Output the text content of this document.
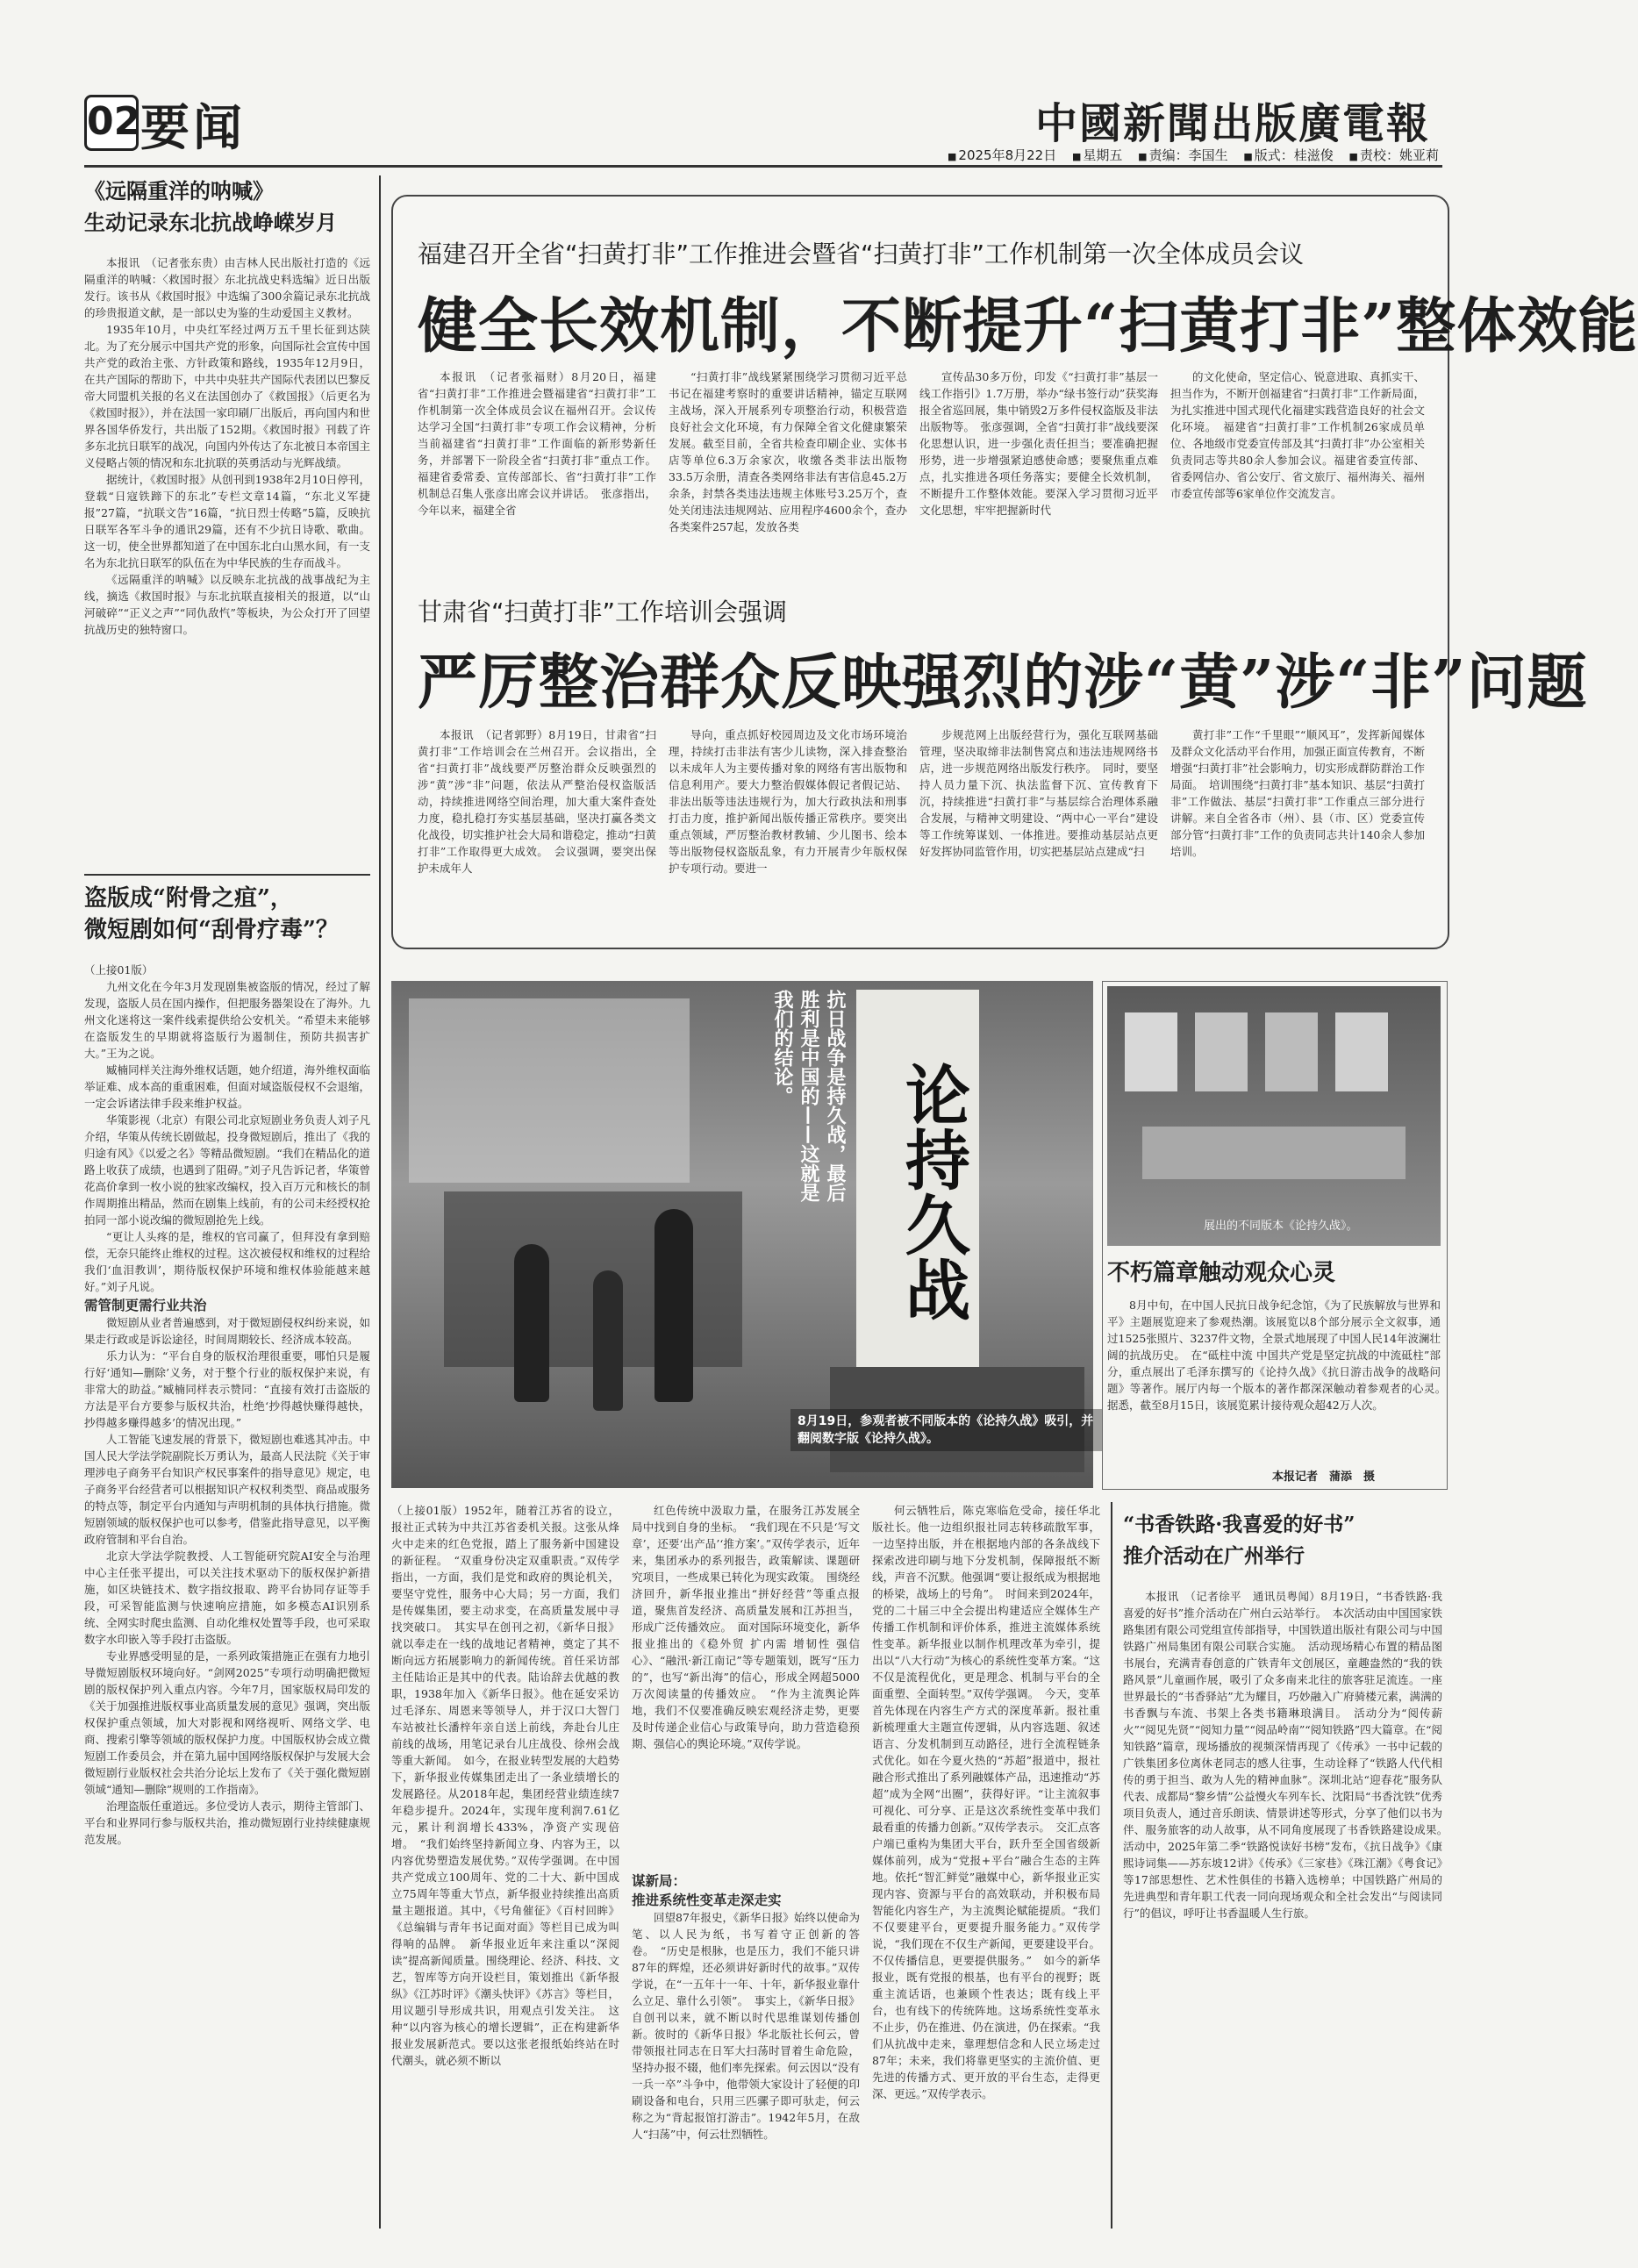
02 要闻	中國新聞出版廣電報
■ 2025年8月22日	■ 星期五	■ 责编：李国生	■ 版式：桂滋俊	■ 责校：姚亚莉
《远隔重洋的呐喊》
生动记录东北抗战峥嵘岁月

本报讯　（记者张东贵）由吉林人民出版社打造的《远隔重洋的呐喊：〈救国时报〉东北抗战史料选编》近日出版发行。该书从《救国时报》中选编了300余篇记录东北抗战的珍贵报道文献，是一部以史为鉴的生动爱国主义教材。

1935年10月，中央红军经过两万五千里长征到达陕北。为了充分展示中国共产党的形象，向国际社会宣传中国共产党的政治主张、方针政策和路线，1935年12月9日，在共产国际的帮助下，中共中央驻共产国际代表团以巴黎反帝大同盟机关报的名义在法国创办了《救国报》（后更名为《救国时报》），并在法国一家印刷厂出版后，再向国内和世界各国华侨发行，共出版了152期。《救国时报》刊载了许多东北抗日联军的战况，向国内外传达了东北被日本帝国主义侵略占领的情况和东北抗联的英勇活动与光辉战绩。

据统计，《救国时报》从创刊到1938年2月10日停刊，登载“日寇铁蹄下的东北”专栏文章14篇，“东北义军捷报”27篇，“抗联文告”16篇，“抗日烈士传略”5篇，反映抗日联军各军斗争的通讯29篇，还有不少抗日诗歌、歌曲。这一切，使全世界都知道了在中国东北白山黑水间，有一支名为东北抗日联军的队伍在为中华民族的生存而战斗。

《远隔重洋的呐喊》以反映东北抗战的战事战纪为主线，摘选《救国时报》与东北抗联直接相关的报道，以“山河破碎”“正义之声”“同仇敌忾”等板块，为公众打开了回望抗战历史的独特窗口。

盗版成“附骨之疽”，
微短剧如何“刮骨疗毒”？

（上接01版）

九州文化在今年3月发现剧集被盗版的情况，经过了解发现，盗版人员在国内操作，但把服务器架设在了海外。九州文化迷将这一案件线索提供给公安机关。“希望未来能够在盗版发生的早期就将盗版行为遏制住，预防共损害扩大。”王为之说。

臧楠同样关注海外维权话题，她介绍道，海外维权面临举证难、成本高的重重困难，但面对域盗版侵权不会退缩，一定会诉诸法律手段来维护权益。

华策影视（北京）有限公司北京短剧业务负责人刘子凡介绍，华策从传统长剧做起，投身微短剧后，推出了《我的归途有风》《以爱之名》等精品微短剧。“我们在精品化的道路上收获了成绩，也遇到了阻碍。”刘子凡告诉记者，华策曾花高价拿到一枚小说的独家改编权，投入百万元和核长的制作周期推出精品，然而在剧集上线前，有的公司未经授权抢拍同一部小说改编的微短剧抢先上线。

“更让人头疼的是，维权的官司赢了，但拜没有拿到赔偿，无奈只能终止维权的过程。这次被侵权和维权的过程给我们‘血泪教训’，期待版权保护环境和维权体验能越来越好。”刘子凡说。

需管制更需行业共治

微短剧从业者普遍感到，对于微短剧侵权纠纷来说，如果走行政或是诉讼途径，时间周期较长、经济成本较高。

乐力认为：“平台自身的版权治理很重要，哪怕只是履行好‘通知—删除’义务，对于整个行业的版权保护来说，有非常大的助益。”臧楠同样表示赞同：“直接有效打击盗版的方法是平台方要参与版权共治，杜绝‘抄得越快赚得越快，抄得越多赚得越多’的情况出现。”

人工智能飞速发展的背景下，微短剧也难逃其冲击。中国人民大学法学院副院长万勇认为，最高人民法院《关于审理涉电子商务平台知识产权民事案件的指导意见》规定，电子商务平台经营者可以根据知识产权权利类型、商品或服务的特点等，制定平台内通知与声明机制的具体执行措施。微短剧领域的版权保护也可以参考，借鉴此指导意见，以平衡政府管制和平台自治。

北京大学法学院教授、人工智能研究院AI安全与治理中心主任张平提出，可以关注技术驱动下的版权保护新措施，如区块链技术、数字指纹报取、跨平台协同存证等手段，可采智能监测与快速响应措施，如多模态AI识别系统、全网实时爬虫监测、自动化维权处置等手段，也可采取数字水印嵌入等手段打击盗版。

专业界感受明显的是，一系列政策措施正在强有力地引导微短剧版权环境向好。“剑网2025”专项行动明确把微短剧的版权保护列入重点内容。今年7月，国家版权局印发的《关于加强推进版权事业高质量发展的意见》强调，突出版权保护重点领域，加大对影视和网络视听、网络文学、电商、搜索引擎等领域的版权保护力度。中国版权协会成立微短剧工作委员会，并在第九届中国网络版权保护与发展大会微短剧行业版权社会共治分论坛上发布了《关于强化微短剧领域“通知—删除”规则的工作指南》。

治理盗版任重道远。多位受访人表示，期待主管部门、平台和业界同行参与版权共治，推动微短剧行业持续健康规范发展。

福建召开全省“扫黄打非”工作推进会暨省“扫黄打非”工作机制第一次全体成员会议
健全长效机制，不断提升“扫黄打非”整体效能

本报讯　（记者张福财）8月20日，福建省“扫黄打非”工作推进会暨福建省“扫黄打非”工作机制第一次全体成员会议在福州召开。会议传达学习全国“扫黄打非”专项工作会议精神，分析当前福建省“扫黄打非”工作面临的新形势新任务，并部署下一阶段全省“扫黄打非”重点工作。福建省委常委、宣传部部长、省“扫黄打非”工作机制总召集人张彦出席会议并讲话。　张彦指出，今年以来，福建全省

“扫黄打非”战线紧紧围绕学习贯彻习近平总书记在福建考察时的重要讲话精神，锚定互联网主战场，深入开展系列专项整治行动，积极营造良好社会文化环境，有力保障全省文化健康繁荣发展。截至目前，全省共检查印刷企业、实体书店等单位6.3万余家次，收缴各类非法出版物33.5万余册，清查各类网络非法有害信息45.2万余条，封禁各类违法违规主体账号3.25万个，查处关闭违法违规网站、应用程序4600余个，查办各类案件257起，发放各类

宣传品30多万份，印发《“扫黄打非”基层一线工作指引》1.7万册，举办“绿书签行动”获奖海报全省巡回展，集中销毁2万多件侵权盗版及非法出版物等。　张彦强调，全省“扫黄打非”战线要深化思想认识，进一步强化责任担当；要准确把握形势，进一步增强紧迫感使命感；要聚焦重点难点，扎实推进各项任务落实；要健全长效机制，不断提升工作整体效能。要深入学习贯彻习近平文化思想，牢牢把握新时代

的文化使命，坚定信心、锐意进取、真抓实干、担当作为，不断开创福建省“扫黄打非”工作新局面，为扎实推进中国式现代化福建实践营造良好的社会文化环境。　福建省“扫黄打非”工作机制26家成员单位、各地级市党委宣传部及其“扫黄打非”办公室相关负责同志等共80余人参加会议。福建省委宣传部、省委网信办、省公安厅、省文旅厅、福州海关、福州市委宣传部等6家单位作交流发言。

甘肃省“扫黄打非”工作培训会强调
严厉整治群众反映强烈的涉“黄”涉“非”问题

本报讯　（记者郭野）8月19日，甘肃省“扫黄打非”工作培训会在兰州召开。会议指出，全省“扫黄打非”战线要严厉整治群众反映强烈的涉“黄”涉“非”问题，依法从严整治侵权盗版活动，持续推进网络空间治理，加大重大案件查处力度，稳扎稳打夯实基层基础，坚决打赢各类文化战役，切实推护社会大局和谐稳定，推动“扫黄打非”工作取得更大成效。　会议强调，要突出保护未成年人

导向，重点抓好校园周边及文化市场环境治理，持续打击非法有害少儿读物，深入排查整治以未成年人为主要传播对象的网络有害出版物和信息利用产。要大力整治假媒体假记者假记站、非法出版等违法违规行为，加大行政执法和刑事打击力度，推护新闻出版传播正常秩序。要突出重点领域，严厉整治教材教辅、少儿图书、绘本等出版物侵权盗版乱象，有力开展青少年版权保护专项行动。要进一

步规范网上出版经营行为，强化互联网基础管理，坚决取缔非法制售窝点和违法违规网络书店，进一步规范网络出版发行秩序。　同时，要坚持人员力量下沉、执法监督下沉、宣传教育下沉，持续推进“扫黄打非”与基层综合治理体系融合发展，与精神文明建设、“两中心一平台”建设等工作统筹谋划、一体推进。要推动基层站点更好发挥协同监管作用，切实把基层站点建成“扫

黄打非”工作“千里眼”“顺风耳”，发挥新闻媒体及群众文化活动平台作用，加强正面宣传教育，不断增强“扫黄打非”社会影响力，切实形成群防群治工作局面。　培训围绕“扫黄打非”基本知识、基层“扫黄打非”工作做法、基层“扫黄打非”工作重点三部分进行讲解。来自全省各市（州）、县（市、区）党委宣传部分管“扫黄打非”工作的负责同志共计140余人参加培训。

抗日战争是持久战，最后胜利是中国的——这就是我们的结论。
论持久战
8月19日，参观者被不同版本的《论持久战》吸引，并翻阅数字版《论持久战》。
展出的不同版本《论持久战》。
不朽篇章触动观众心灵

8月中旬，在中国人民抗日战争纪念馆，《为了民族解放与世界和平》主题展览迎来了参观热潮。该展览以8个部分展示全文叙事，通过1525张照片、3237件文物，全景式地展现了中国人民14年波澜壮阔的抗战历史。　在“砥柱中流 中国共产党是坚定抗战的中流砥柱”部分，重点展出了毛泽东撰写的《论持久战》《抗日游击战争的战略问题》等著作。展厅内每一个版本的著作都深深触动着参观者的心灵。　据悉，截至8月15日，该展览累计接待观众超42万人次。

本报记者　蒲添　摄

（上接01版）1952年，随着江苏省的设立，报社正式转为中共江苏省委机关报。这张从烽火中走来的红色党报，踏上了服务新中国建设的新征程。　“双重身份决定双重职责。”双传学指出，一方面，我们是党和政府的舆论机关，要坚守党性，服务中心大局；另一方面，我们是传媒集团，要主动求变，在高质量发展中寻找突破口。　其实早在创刊之初，《新华日报》就以奉走在一线的战地记者精神，奠定了其不断向远方拓展影响力的新闻传统。首任采访部主任陆诒正是其中的代表。陆诒辞去优越的教职，1938年加入《新华日报》。他在延安采访过毛泽东、周恩来等领导人，并于汉口大智门车站被社长潘梓年亲自送上前线，奔赴台儿庄前线的战场，用笔记录台儿庄战役、徐州会战等重大新闻。　如今，在报业转型发展的大趋势下，新华报业传媒集团走出了一条业绩增长的发展路径。从2018年起，集团经营业绩连续7年稳步提升。2024年，实现年度利润7.61亿元，累计利润增长433%，净资产实现倍增。　“我们始终坚持新闻立身、内容为王，以内容优势塑造发展优势。”双传学强调。在中国共产党成立100周年、党的二十大、新中国成立75周年等重大节点，新华报业持续推出高质量主题报道。其中，《号角催征》《百村回眸》《总编辑与青年书记面对面》等栏目已成为叫得响的品牌。　新华报业近年来注重以“深阅读”提高新闻质量。围绕理论、经济、科技、文艺，智库等方向开设栏目，策划推出《新华报纵》《江苏时评》《潮头快评》《苏言》等栏目，用议题引导形成共识，用观点引发关注。　这种“以内容为核心的增长逻辑”，正在构建新华报业发展新范式。要以这张老报纸始终站在时代潮头，就必须不断以

红色传统中汲取力量，在服务江苏发展全局中找到自身的坐标。　“我们现在不只是‘写文章’，还要‘出产品’‘推方案’。”双传学表示，近年来，集团承办的系列报告，政策解读、课题研究项目，一些成果已转化为现实政策。　围绕经济回升，新华报业推出“拼好经营”等重点报道，聚焦首发经济、高质量发展和江苏担当，形成广泛传播效应。　面对国际环境变化，新华报业推出的《稳外贸 扩内需 增韧性 强信心》、“融汛·新江南记”等专题策划，既写“压力的”，也写“新出海”的信心，形成全网超5000万次阅读量的传播效应。　“作为主流舆论阵地，我们不仅要准确反映宏观经济走势，更要及时传递企业信心与政策导向，助力营造稳预期、强信心的舆论环境。”双传学说。

谋新局：

推进系统性变革走深走实

回望87年报史，《新华日报》始终以使命为笔、以人民为纸，书写着守正创新的答卷。　“历史是根脉，也是压力，我们不能只讲87年的辉煌，还必须讲好新时代的故事。”双传学说，在“一五年十一年、十年，新华报业靠什么立足、靠什么引领”。　事实上，《新华日报》自创刊以来，就不断以时代思维谋划传播创新。彼时的《新华日报》华北版社长何云，曾带领报社同志在日军大扫荡时冒着生命危险，坚持办报不辍，他们率先探索。何云因以“没有一兵一卒”斗争中，他带领大家设计了轻便的印刷设备和电台，只用三匹骡子即可驮走，何云称之为“背起报馆打游击”。1942年5月，在敌人“扫荡”中，何云壮烈牺牲。

何云牺牲后，陈克寒临危受命，接任华北版社长。他一边组织报社同志转移疏散军事，一边坚持出版，并在根据地内部的各条战线下探索改进印刷与地下分发机制，保障报纸不断线，声音不沉默。他强调“要让报纸成为根据地的桥梁，战场上的号角”。　时间来到2024年，党的二十届三中全会提出构建适应全媒体生产传播工作机制和评价体系，推进主流媒体系统性变革。新华报业以制作机理改革为牵引，提出以“八大行动”为核心的系统性变革方案。“这不仅是流程优化，更是理念、机制与平台的全面重塑、全面转型。”双传学强调。　今天，变革首先体现在内容生产方式的深度革新。报社重新梳理重大主题宣传逻辑，从内容选题、叙述语言、分发机制到互动路径，进行全流程链条式优化。如在今夏火热的“苏超”报道中，报社融合形式推出了系列融媒体产品，迅速推动“苏超”成为全网“出圈”，获得好评。“让主流叙事可视化、可分享、正是这次系统性变革中我们最看重的传播力创新。”双传学表示。　交汇点客户端已重构为集团大平台，跃升至全国省级新媒体前列，成为“党报+平台”融合生态的主阵地。依托“智汇鲜觉”融媒中心，新华报业正实现内容、资源与平台的高效联动，并积极布局智能化内容生产，为主流舆论赋能提质。“我们不仅要建平台，更要提升服务能力。”双传学说，“我们现在不仅生产新闻，更要建设平台。不仅传播信息，更要提供服务。”　如今的新华报业，既有党报的根基，也有平台的视野；既重主流话语，也兼顾个性表达；既有线上平台，也有线下的传统阵地。这场系统性变革永不止步，仍在推进、仍在演进，仍在探索。“我们从抗战中走来，靠理想信念和人民立场走过87年；未来，我们将靠更坚实的主流价值、更先进的传播方式、更开放的平台生态，走得更深、更远。”双传学表示。

“书香铁路·我喜爱的好书”
推介活动在广州举行

本报讯　（记者徐平　通讯员粤闻）8月19日，“书香铁路·我喜爱的好书”推介活动在广州白云站举行。　本次活动由中国国家铁路集团有限公司党组宣传部指导，中国铁道出版社有限公司与中国铁路广州局集团有限公司联合实施。　活动现场精心布置的精品图书展台，充满青春创意的广铁青年文创展区，童趣盎然的“我的铁路风景”儿童画作展，吸引了众多南来北往的旅客驻足流连。一座世界最长的“书香驿站”尤为耀目，巧妙融入广府骑楼元素，满满的书香飘与车流、书架上各类书籍琳琅满目。　活动分为“阅传薪火”“阅见先贤”“阅知力量”“阅品岭南”“阅知铁路”四大篇章。在“阅知铁路”篇章，现场播放的视频深情再现了《传承》一书中记载的广铁集团多位离休老同志的感人往事，生动诠释了“铁路人代代相传的勇于担当、敢为人先的精神血脉”。深圳北站“迎春花”服务队代表、成都局“黎乡情”公益慢火车列车长、沈阳局“书香沈铁”优秀项目负责人，通过音乐朗读、情景讲述等形式，分享了他们以书为伴、服务旅客的动人故事，从不同角度展现了书香铁路建设成果。　活动中，2025年第二季“铁路悦读好书榜”发布，《抗日战争》《康熙诗词集——苏东坡12讲》《传承》《三家巷》《珠江潮》《粤食记》等17部思想性、艺术性俱佳的书籍入选榜单；中国铁路广州局的先进典型和青年职工代表一同向现场观众和全社会发出“与阅读同行”的倡议，呼吁让书香温暖人生行旅。
